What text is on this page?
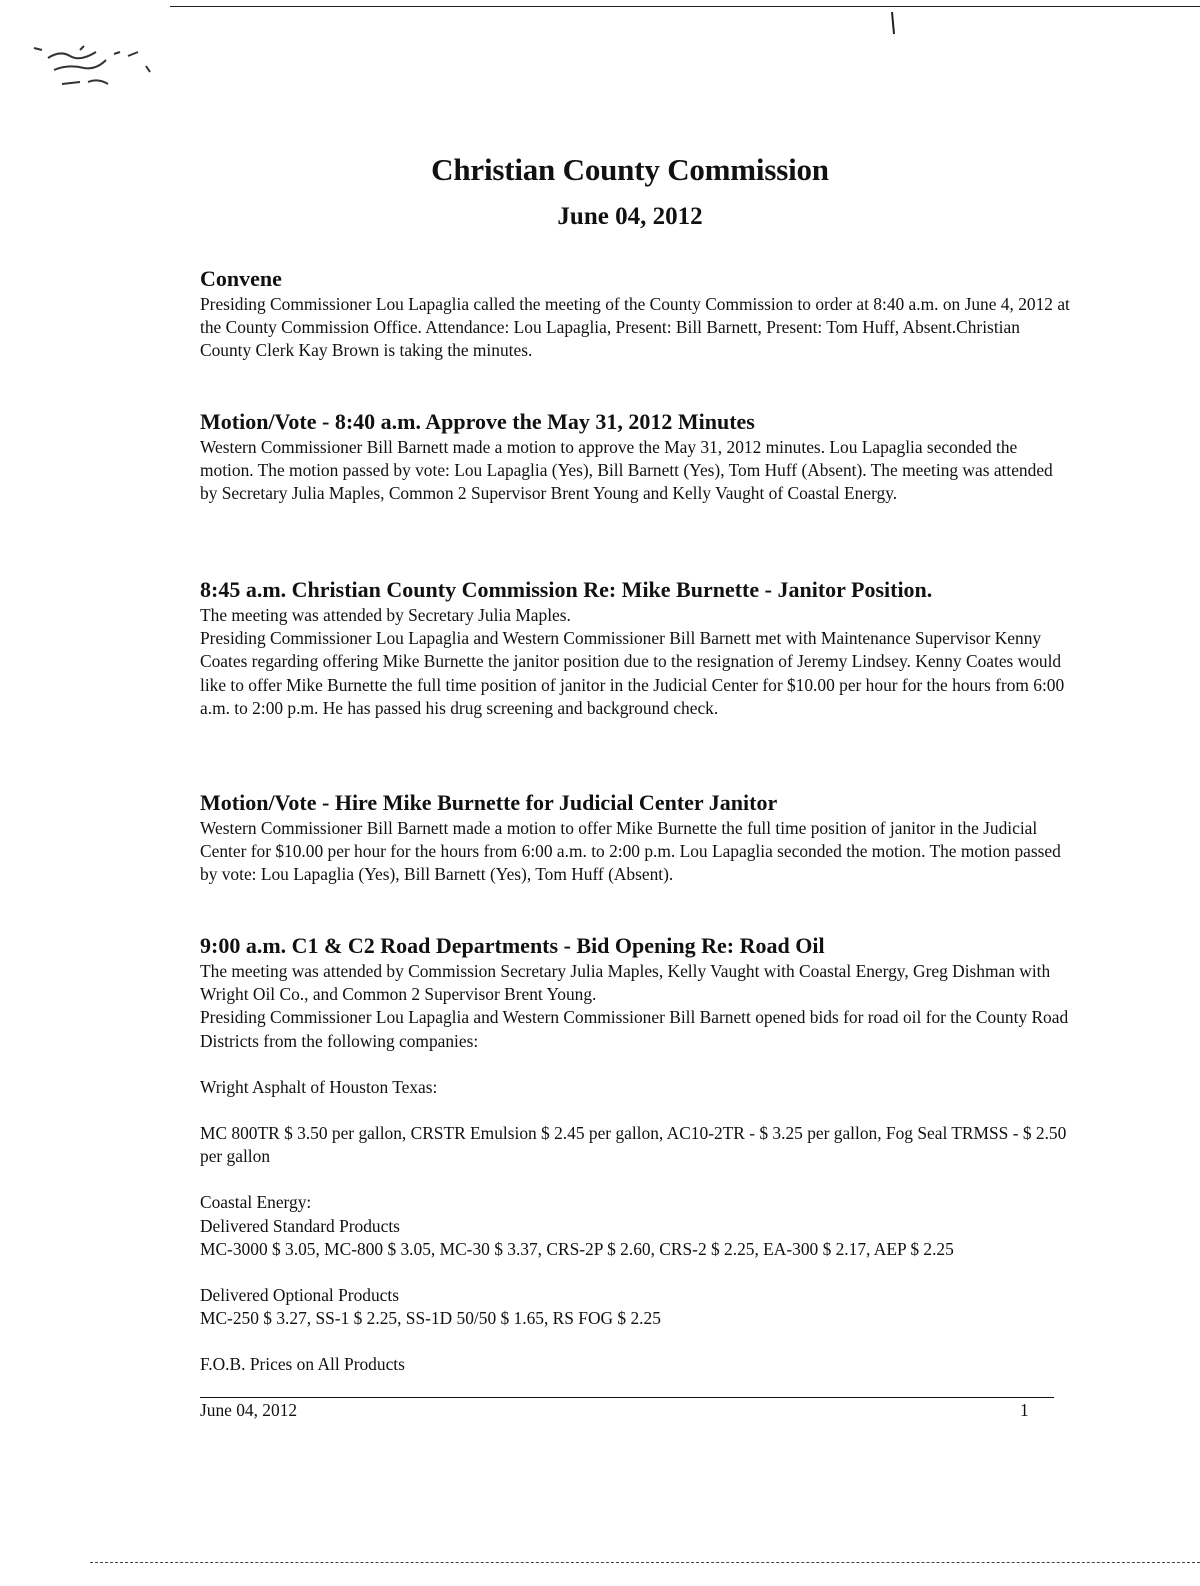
Christian County Commission
June 04, 2012
Convene

Presiding Commissioner Lou Lapaglia called the meeting of the County Commission to order at 8:40 a.m. on June 4, 2012 at the County Commission Office. Attendance: Lou Lapaglia, Present: Bill Barnett, Present: Tom Huff, Absent.Christian County Clerk Kay Brown is taking the minutes.

Motion/Vote - 8:40 a.m. Approve the May 31, 2012 Minutes

Western Commissioner Bill Barnett made a motion to approve the May 31, 2012 minutes. Lou Lapaglia seconded the motion. The motion passed by vote: Lou Lapaglia (Yes), Bill Barnett (Yes), Tom Huff (Absent). The meeting was attended by Secretary Julia Maples, Common 2 Supervisor Brent Young and Kelly Vaught of Coastal Energy.

8:45 a.m. Christian County Commission Re: Mike Burnette - Janitor Position.

The meeting was attended by Secretary Julia Maples.

Presiding Commissioner Lou Lapaglia and Western Commissioner Bill Barnett met with Maintenance Supervisor Kenny Coates regarding offering Mike Burnette the janitor position due to the resignation of Jeremy Lindsey. Kenny Coates would like to offer Mike Burnette the full time position of janitor in the Judicial Center for $10.00 per hour for the hours from 6:00 a.m. to 2:00 p.m. He has passed his drug screening and background check.

Motion/Vote - Hire Mike Burnette for Judicial Center Janitor

Western Commissioner Bill Barnett made a motion to offer Mike Burnette the full time position of janitor in the Judicial Center for $10.00 per hour for the hours from 6:00 a.m. to 2:00 p.m. Lou Lapaglia seconded the motion. The motion passed by vote: Lou Lapaglia (Yes), Bill Barnett (Yes), Tom Huff (Absent).

9:00 a.m. C1 & C2 Road Departments - Bid Opening Re: Road Oil

The meeting was attended by Commission Secretary Julia Maples, Kelly Vaught with Coastal Energy, Greg Dishman with Wright Oil Co., and Common 2 Supervisor Brent Young.

Presiding Commissioner Lou Lapaglia and Western Commissioner Bill Barnett opened bids for road oil for the County Road Districts from the following companies:

Wright Asphalt of Houston Texas:

MC 800TR $ 3.50 per gallon, CRSTR Emulsion $ 2.45 per gallon, AC10-2TR - $ 3.25 per gallon, Fog Seal TRMSS - $ 2.50 per gallon

Coastal Energy:

Delivered Standard Products

MC-3000 $ 3.05, MC-800 $ 3.05, MC-30 $ 3.37, CRS-2P $ 2.60, CRS-2 $ 2.25, EA-300 $ 2.17, AEP $ 2.25

Delivered Optional Products

MC-250 $ 3.27, SS-1 $ 2.25, SS-1D 50/50 $ 1.65, RS FOG $ 2.25

F.O.B. Prices on All Products

June 04, 2012	1
